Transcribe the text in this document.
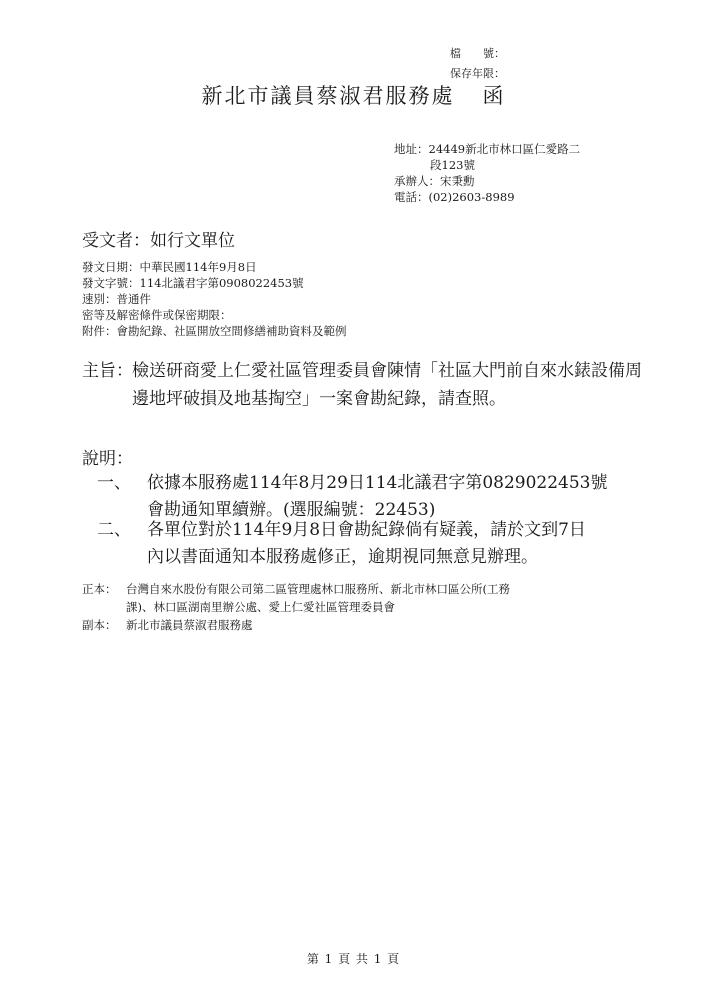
檔　　號：
保存年限：
新北市議員蔡淑君服務處 函
地址：24449新北市林口區仁愛路二
段123號
承辦人：宋秉勳
電話：(02)2603-8989
受文者：如行文單位
發文日期：中華民國114年9月8日
發文字號：114北議君字第0908022453號
速別：普通件
密等及解密條件或保密期限：
附件：會勘紀錄、社區開放空間修繕補助資料及範例
主旨： 檢送研商愛上仁愛社區管理委員會陳情「社區大門前自來水錶設備周邊地坪破損及地基掏空」一案會勘紀錄，請查照。
說明：
一、 依據本服務處114年8月29日114北議君字第0829022453號
會勘通知單續辦。(選服編號：22453)
二、 各單位對於114年9月8日會勘紀錄倘有疑義，請於文到7日
內以書面通知本服務處修正，逾期視同無意見辦理。
正本： 台灣自來水股份有限公司第二區管理處林口服務所、新北市林口區公所(工務
課)、林口區湖南里辦公處、愛上仁愛社區管理委員會
副本： 新北市議員蔡淑君服務處
第 1 頁 共 1 頁
